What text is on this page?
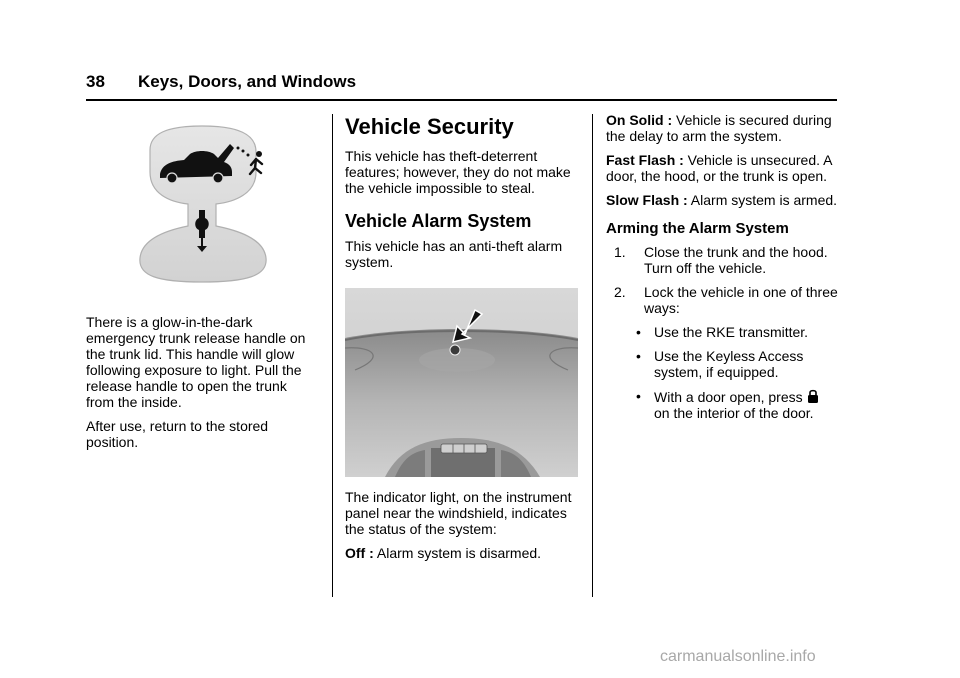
38 Keys, Doors, and Windows

There is a glow-in-the-dark emergency trunk release handle on the trunk lid. This handle will glow following exposure to light. Pull the release handle to open the trunk from the inside.

After use, return to the stored position.

Vehicle Security

This vehicle has theft-deterrent features; however, they do not make the vehicle impossible to steal.

Vehicle Alarm System

This vehicle has an anti-theft alarm system.

The indicator light, on the instrument panel near the windshield, indicates the status of the system:

Off : Alarm system is disarmed.

On Solid : Vehicle is secured during the delay to arm the system.

Fast Flash : Vehicle is unsecured. A door, the hood, or the trunk is open.

Slow Flash : Alarm system is armed.

Arming the Alarm System
1. Close the trunk and the hood. Turn off the vehicle.
2. Lock the vehicle in one of three ways:
• Use the RKE transmitter.
• Use the Keyless Access system, if equipped.
• With a door open, press
on the interior of the door.
carmanualsonline.info
